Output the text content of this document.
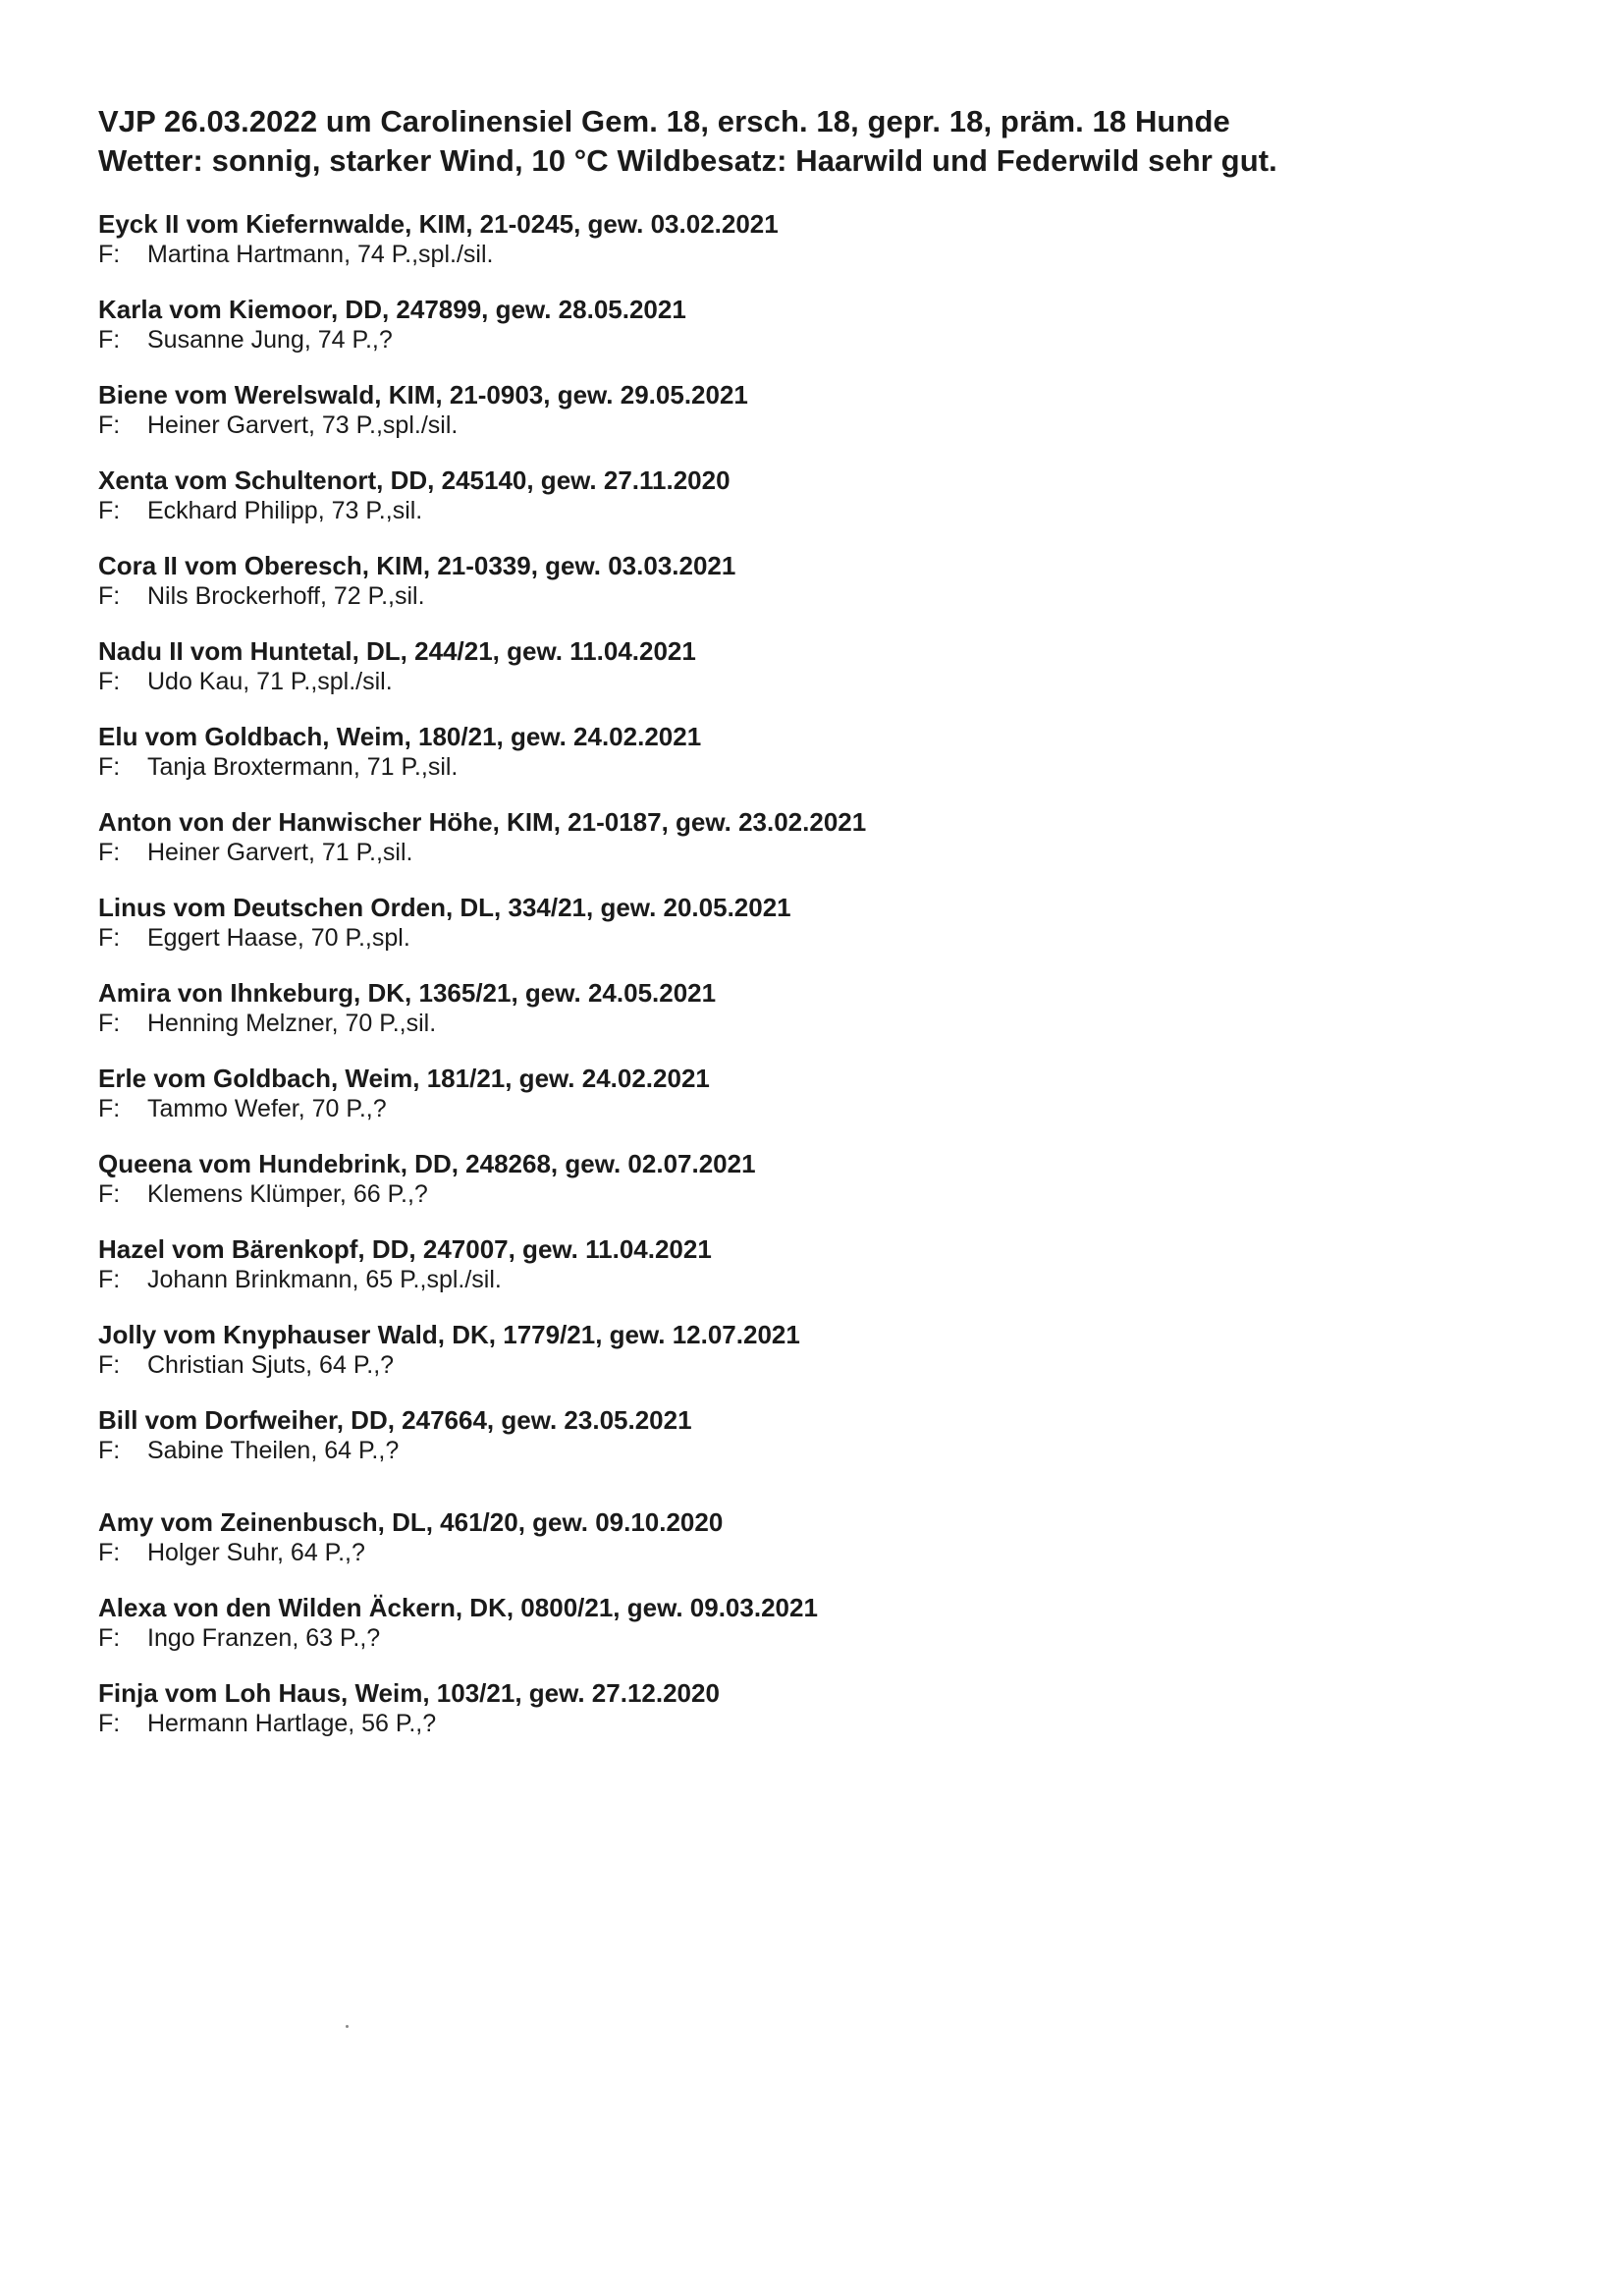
VJP 26.03.2022 um Carolinensiel Gem. 18, ersch. 18, gepr. 18, präm. 18 Hunde
Wetter: sonnig, starker Wind, 10 °C Wildbesatz: Haarwild und Federwild sehr gut.
Eyck II vom Kiefernwalde, KIM, 21-0245, gew. 03.02.2021
F: Martina Hartmann, 74 P.,spl./sil.
Karla vom Kiemoor, DD, 247899, gew. 28.05.2021
F: Susanne Jung, 74 P.,?
Biene vom Werelswald, KIM, 21-0903, gew. 29.05.2021
F: Heiner Garvert, 73 P.,spl./sil.
Xenta vom Schultenort, DD, 245140, gew. 27.11.2020
F: Eckhard Philipp, 73 P.,sil.
Cora II vom Oberesch, KIM, 21-0339, gew. 03.03.2021
F: Nils Brockerhoff, 72 P.,sil.
Nadu II vom Huntetal, DL, 244/21, gew. 11.04.2021
F: Udo Kau, 71 P.,spl./sil.
Elu vom Goldbach, Weim, 180/21, gew. 24.02.2021
F: Tanja Broxtermann, 71 P.,sil.
Anton von der Hanwischer Höhe, KIM, 21-0187, gew. 23.02.2021
F: Heiner Garvert, 71 P.,sil.
Linus vom Deutschen Orden, DL, 334/21, gew. 20.05.2021
F: Eggert Haase, 70 P.,spl.
Amira von Ihnkeburg, DK, 1365/21, gew. 24.05.2021
F: Henning Melzner, 70 P.,sil.
Erle vom Goldbach, Weim, 181/21, gew. 24.02.2021
F: Tammo Wefer, 70 P.,?
Queena vom Hundebrink, DD, 248268, gew. 02.07.2021
F: Klemens Klümper, 66 P.,?
Hazel vom Bärenkopf, DD, 247007, gew. 11.04.2021
F: Johann Brinkmann, 65 P.,spl./sil.
Jolly vom Knyphauser Wald, DK, 1779/21, gew. 12.07.2021
F: Christian Sjuts, 64 P.,?
Bill vom Dorfweiher, DD, 247664, gew. 23.05.2021
F: Sabine Theilen, 64 P.,?
Amy vom Zeinenbusch, DL, 461/20, gew. 09.10.2020
F: Holger Suhr, 64 P.,?
Alexa von den Wilden Äckern, DK, 0800/21, gew. 09.03.2021
F: Ingo Franzen, 63 P.,?
Finja vom Loh Haus, Weim, 103/21, gew. 27.12.2020
F: Hermann Hartlage, 56 P.,?
